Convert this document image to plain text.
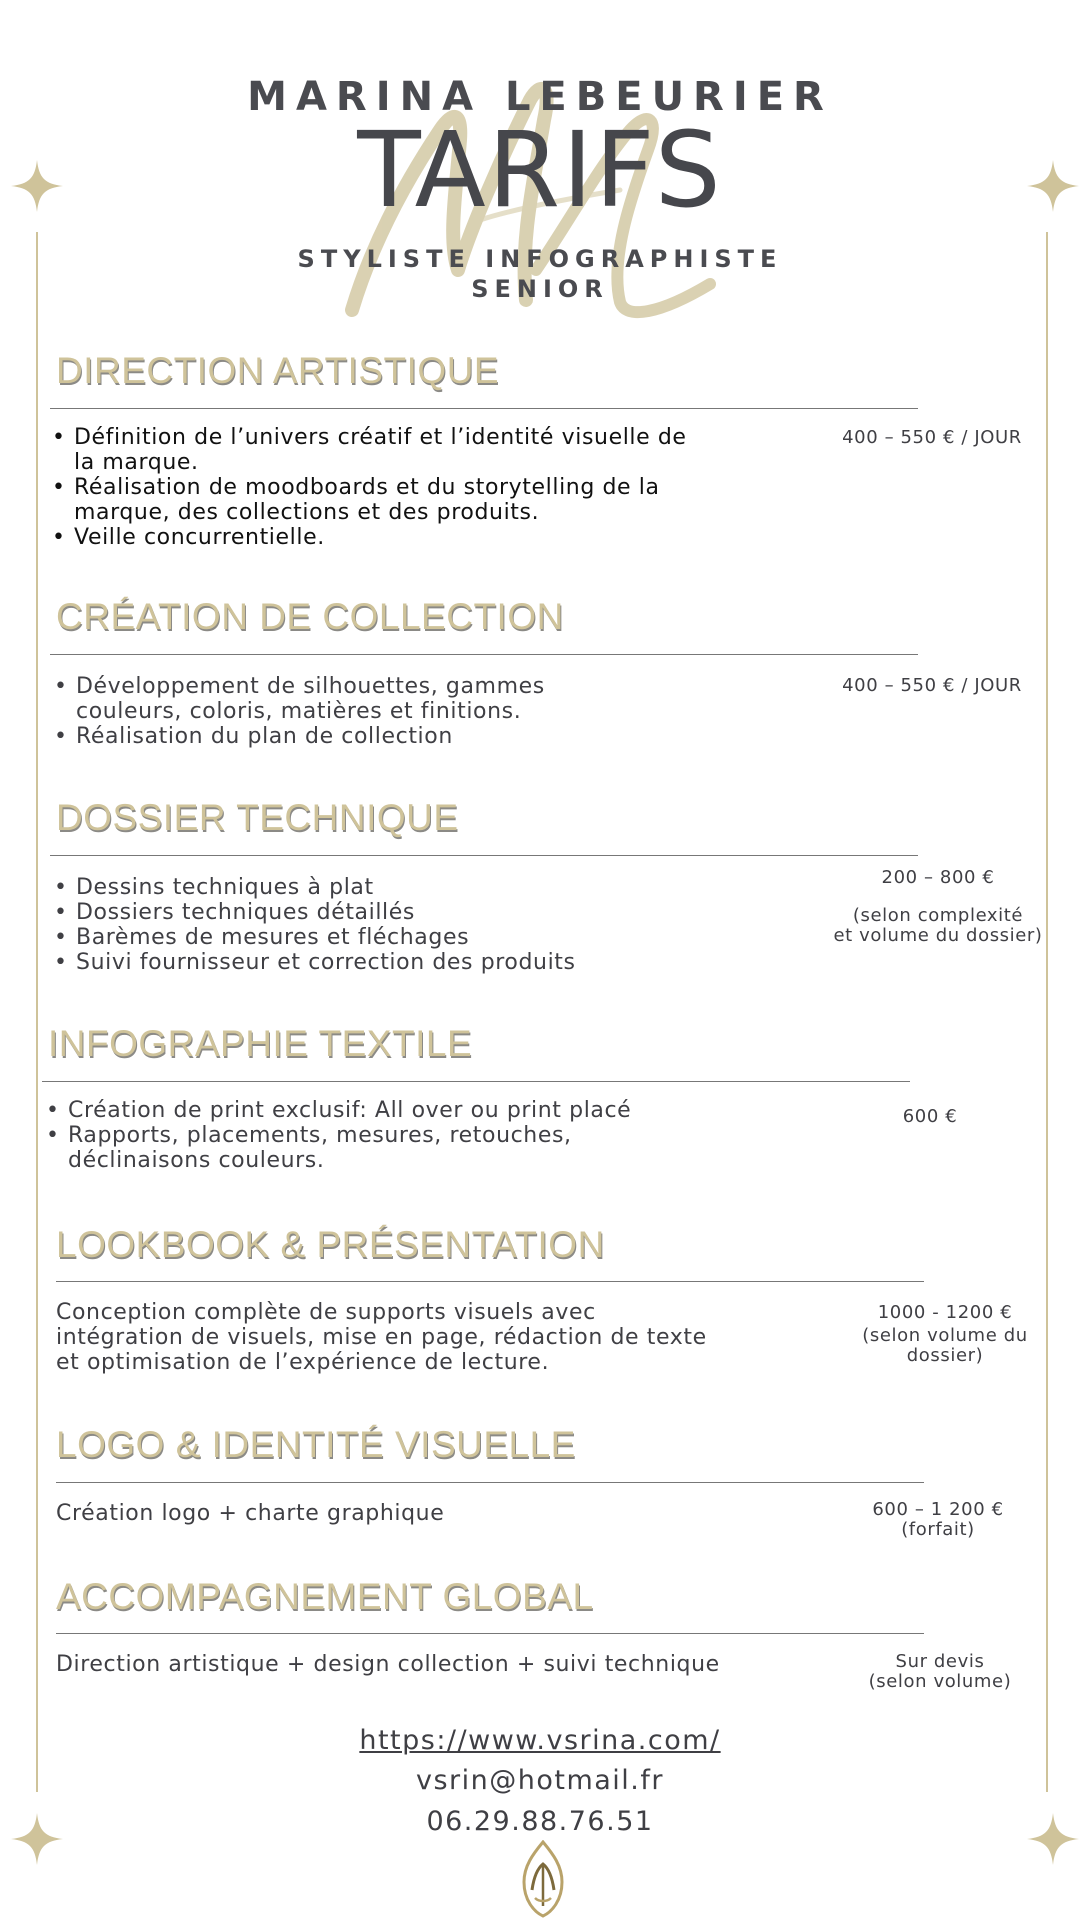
MARINA LEBEURIER
TARIFS
STYLISTE INFOGRAPHISTE
SENIOR
DIRECTION ARTISTIQUE
• Définition de l’univers créatif et l’identité visuelle de
la marque.
• Réalisation de moodboards et du storytelling de la
marque, des collections et des produits.
• Veille concurrentielle.
400 – 550 € / JOUR
CRÉATION DE COLLECTION
• Développement de silhouettes, gammes
couleurs, coloris, matières et finitions.
• Réalisation du plan de collection
400 – 550 € / JOUR
DOSSIER TECHNIQUE
• Dessins techniques à plat
• Dossiers techniques détaillés
• Barèmes de mesures et fléchages
• Suivi fournisseur et correction des produits
200 – 800 €
(selon complexité
et volume du dossier)
INFOGRAPHIE TEXTILE
• Création de print exclusif: All over ou print placé
• Rapports, placements, mesures, retouches,
déclinaisons couleurs.
600 €
LOOKBOOK & PRÉSENTATION
Conception complète de supports visuels avec
intégration de visuels, mise en page, rédaction de texte
et optimisation de l’expérience de lecture.
1000 - 1200 €
(selon volume du
dossier)
LOGO & IDENTITÉ VISUELLE
Création logo + charte graphique	600 – 1 200 €
(forfait)
ACCOMPAGNEMENT GLOBAL
Direction artistique + design collection + suivi technique	Sur devis
(selon volume)
https://www.vsrina.com/
vsrin@hotmail.fr
06.29.88.76.51
